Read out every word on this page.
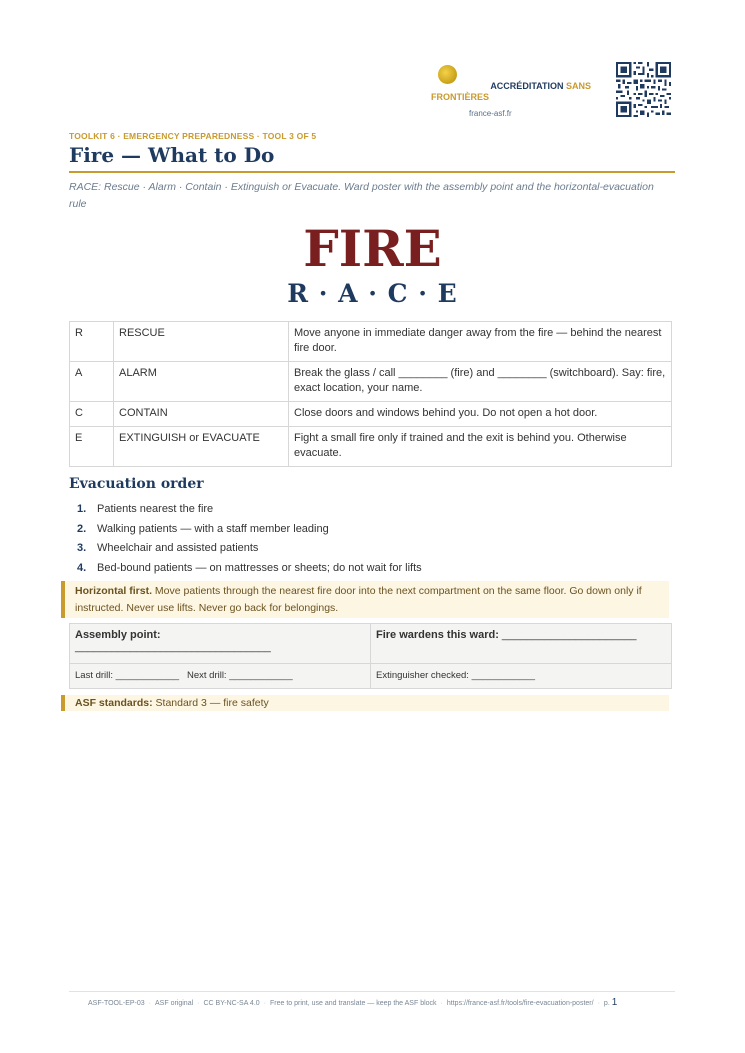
ACCRÉDITATION SANS
FRONTIÈRES
france-asf.fr
TOOLKIT 6 · EMERGENCY PREPAREDNESS · TOOL 3 OF 5
Fire — What to Do

RACE: Rescue · Alarm · Contain · Extinguish or Evacuate. Ward poster with the assembly point and the horizontal-evacuation rule

FIRE
R · A · C · E
R	RESCUE	Move anyone in immediate danger away from the fire — behind the nearest fire door.
A	ALARM	Break the glass / call ________ (fire) and ________ (switchboard). Say: fire, exact location, your name.
C	CONTAIN	Close doors and windows behind you. Do not open a hot door.
E	EXTINGUISH or EVACUATE	Fight a small fire only if trained and the exit is behind you. Otherwise evacuate.
Evacuation order
1. Patients nearest the fire
2. Walking patients — with a staff member leading
3. Wheelchair and assisted patients
4. Bed-bound patients — on mattresses or sheets; do not wait for lifts
Horizontal first. Move patients through the nearest fire door into the next compartment on the same floor. Go down only if instructed. Never use lifts. Never go back for belongings.
Assembly point:
________________________________	Fire wardens this ward: ______________________
Last drill: ____________ Next drill: ____________	Extinguisher checked: ____________
ASF standards: Standard 3 — fire safety
ASF-TOOL-EP-03 · ASF original · CC BY-NC-SA 4.0 · Free to print, use and translate — keep the ASF block · https://france-asf.fr/tools/fire-evacuation-poster/ · p. 1
